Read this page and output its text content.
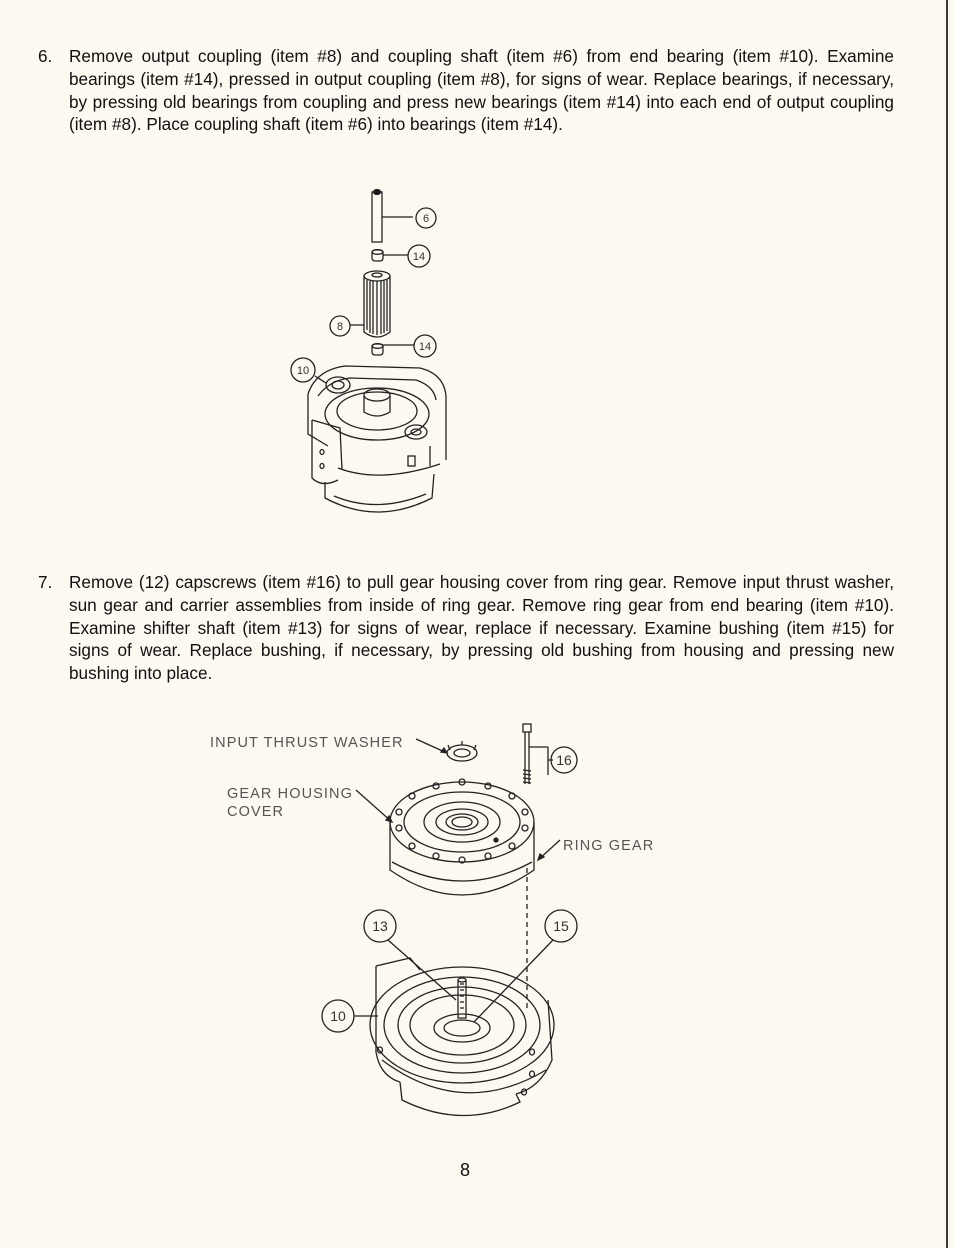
6. Remove output coupling (item #8) and coupling shaft (item #6) from end bearing (item #10). Examine bearings (item #14), pressed in output coupling (item #8), for signs of wear. Replace bearings, if necessary, by pressing old bearings from coupling and press new bearings (item #14) into each end of output coupling (item #8). Place coupling shaft (item #6) into bearings (item #14).
7. Remove (12) capscrews (item #16) to pull gear housing cover from ring gear. Remove input thrust washer, sun gear and carrier assemblies from inside of ring gear. Remove ring gear from end bearing (item #10). Examine shifter shaft (item #13) for signs of wear, replace if necessary. Examine bushing (item #15) for signs of wear. Replace bushing, if necessary, by pressing old bushing from housing and pressing new bushing into place.
6
14
8
14
10
INPUT THRUST WASHER
GEAR HOUSING
COVER
RING GEAR
16
13	15
10
8
